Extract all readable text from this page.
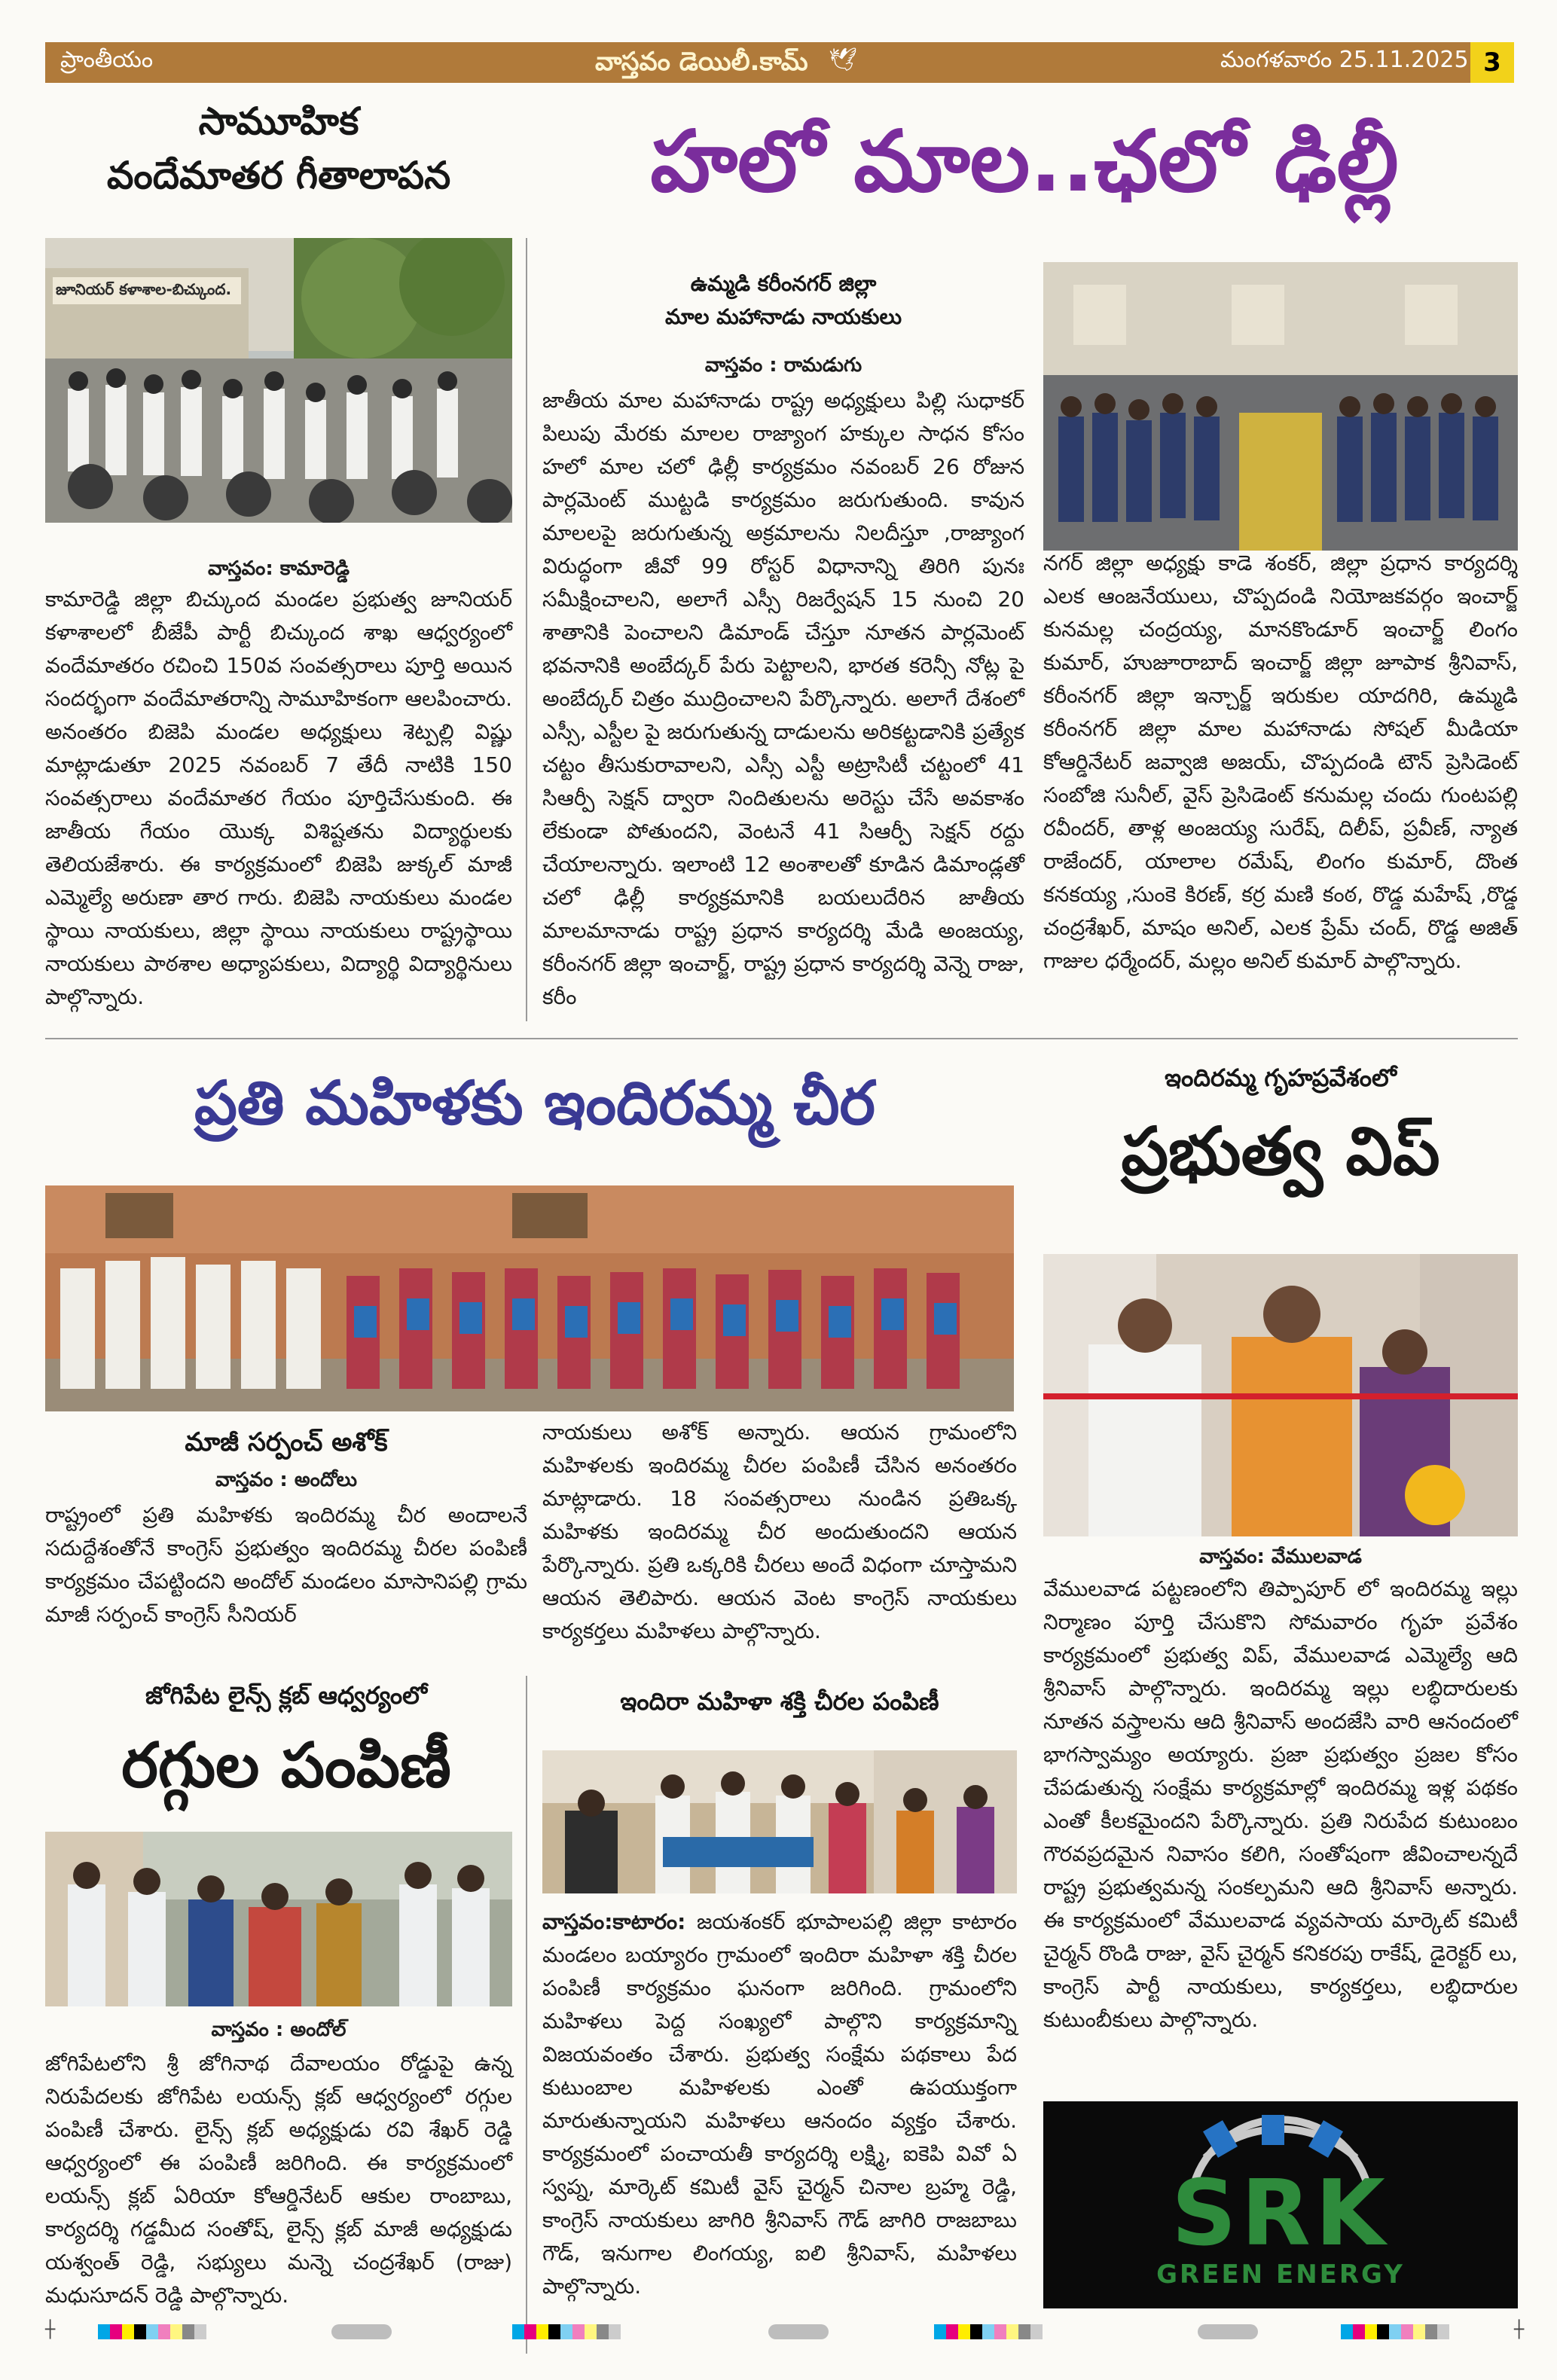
ప్రాంతీయం	వాస్తవం డెయిలీ.కామ్ 🕊	మంగళవారం 25.11.2025 3
సామూహిక
వందేమాతర గీతాలాపన
జూనియర్ కళాశాల-బిచ్కుంద.
వాస్తవం: కామారెడ్డి
కామారెడ్డి జిల్లా బిచ్కుంద మండల ప్రభుత్వ జూనియర్ కళాశాలలో బీజేపీ పార్టీ బిచ్కుంద శాఖ ఆధ్వర్యంలో వందేమాతరం రచించి 150వ సంవత్సరాలు పూర్తి అయిన సందర్భంగా వందేమాతరాన్ని సామూహికంగా ఆలపించారు. అనంతరం బిజెపి మండల అధ్యక్షులు శెట్పల్లి విష్ణు మాట్లాడుతూ 2025 నవంబర్ 7 తేదీ నాటికి 150 సంవత్సరాలు వందేమాతర గేయం పూర్తిచేసుకుంది. ఈ జాతీయ గేయం యొక్క విశిష్టతను విద్యార్థులకు తెలియజేశారు. ఈ కార్యక్రమంలో బిజెపి జుక్కల్ మాజీ ఎమ్మెల్యే అరుణా తార గారు. బిజెపి నాయకులు మండల స్థాయి నాయకులు, జిల్లా స్థాయి నాయకులు రాష్ట్రస్థాయి నాయకులు పాఠశాల అధ్యాపకులు, విద్యార్థి విద్యార్థినులు పాల్గొన్నారు.
హలో మాల..ఛలో ఢిల్లీ
ఉమ్మడి కరీంనగర్ జిల్లా
మాల మహానాడు నాయకులు
వాస్తవం : రామడుగు
జాతీయ మాల మహానాడు రాష్ట్ర అధ్యక్షులు పిల్లి సుధాకర్ పిలుపు మేరకు మాలల రాజ్యాంగ హక్కుల సాధన కోసం హలో మాల చలో ఢిల్లీ కార్యక్రమం నవంబర్ 26 రోజున పార్లమెంట్ ముట్టడి కార్యక్రమం జరుగుతుంది. కావున మాలలపై జరుగుతున్న అక్రమాలను నిలదీస్తూ ,రాజ్యాంగ విరుద్ధంగా జీవో 99 రోస్టర్ విధానాన్ని తిరిగి పునః సమీక్షించాలని, అలాగే ఎస్సీ రిజర్వేషన్ 15 నుంచి 20 శాతానికి పెంచాలని డిమాండ్ చేస్తూ నూతన పార్లమెంట్ భవనానికి అంబేద్కర్ పేరు పెట్టాలని, భారత కరెన్సీ నోట్ల పై అంబేద్కర్ చిత్రం ముద్రించాలని పేర్కొన్నారు. అలాగే దేశంలో ఎస్సీ, ఎస్టీల పై జరుగుతున్న దాడులను అరికట్టడానికి ప్రత్యేక చట్టం తీసుకురావాలని, ఎస్సీ ఎస్టీ అట్రాసిటీ చట్టంలో 41 సిఆర్పీ సెక్షన్ ద్వారా నిందితులను అరెస్టు చేసే అవకాశం లేకుండా పోతుందని, వెంటనే 41 సిఆర్పీ సెక్షన్ రద్దు చేయాలన్నారు. ఇలాంటి 12 అంశాలతో కూడిన డిమాండ్లతో చలో ఢిల్లీ కార్యక్రమానికి బయలుదేరిన జాతీయ మాలమానాడు రాష్ట్ర ప్రధాన కార్యదర్శి మేడి అంజయ్య, కరీంనగర్ జిల్లా ఇంచార్జ్, రాష్ట్ర ప్రధాన కార్యదర్శి వెన్నె రాజు, కరీం
నగర్ జిల్లా అధ్యక్షు కాడె శంకర్, జిల్లా ప్రధాన కార్యదర్శి ఎలక ఆంజనేయులు, చొప్పదండి నియోజకవర్గం ఇంచార్జ్ కునమల్ల చంద్రయ్య, మానకొండూర్ ఇంచార్జ్ లింగం కుమార్, హుజూరాబాద్ ఇంచార్జ్ జిల్లా జూపాక శ్రీనివాస్, కరీంనగర్ జిల్లా ఇన్చార్జ్ ఇరుకుల యాదగిరి, ఉమ్మడి కరీంనగర్ జిల్లా మాల మహానాడు సోషల్ మీడియా కోఆర్డినేటర్ జవ్వాజి అజయ్, చొప్పదండి టౌన్ ప్రెసిడెంట్ సంబోజి సునీల్, వైస్ ప్రెసిడెంట్ కనుమల్ల చందు గుంటపల్లి రవీందర్, తాళ్ల అంజయ్య సురేష్, దిలీప్, ప్రవీణ్, న్యాత రాజేందర్, యాలాల రమేష్, లింగం కుమార్, దొంత కనకయ్య ,సుంకె కిరణ్, కర్ర మణి కంఠ, రొడ్డ మహేష్ ,రొడ్డ చంద్రశేఖర్, మాషం అనిల్, ఎలక ప్రేమ్ చంద్, రొడ్డ అజిత్ గాజుల ధర్మేందర్, మల్లం అనిల్ కుమార్ పాల్గొన్నారు.
ప్రతి మహిళకు ఇందిరమ్మ చీర
మాజీ సర్పంచ్ అశోక్
వాస్తవం : అందోలు
రాష్ట్రంలో ప్రతి మహిళకు ఇందిరమ్మ చీర అందాలనే సదుద్దేశంతోనే కాంగ్రెస్ ప్రభుత్వం ఇందిరమ్మ చీరల పంపిణీ కార్యక్రమం చేపట్టిందని అందోల్ మండలం మాసానిపల్లి గ్రామ మాజీ సర్పంచ్ కాంగ్రెస్ సీనియర్
నాయకులు అశోక్ అన్నారు. ఆయన గ్రామంలోని మహిళలకు ఇందిరమ్మ చీరల పంపిణీ చేసిన అనంతరం మాట్లాడారు. 18 సంవత్సరాలు నుండిన ప్రతిఒక్క మహిళకు ఇందిరమ్మ చీర అందుతుందని ఆయన పేర్కొన్నారు. ప్రతి ఒక్కరికి చీరలు అందే విధంగా చూస్తామని ఆయన తెలిపారు. ఆయన వెంట కాంగ్రెస్ నాయకులు కార్యకర్తలు మహిళలు పాల్గొన్నారు.
ఇందిరమ్మ గృహప్రవేశంలో
ప్రభుత్వ విప్
వాస్తవం: వేములవాడ
వేములవాడ పట్టణంలోని తిప్పాపూర్ లో ఇందిరమ్మ ఇల్లు నిర్మాణం పూర్తి చేసుకొని సోమవారం గృహ ప్రవేశం కార్యక్రమంలో ప్రభుత్వ విప్, వేములవాడ ఎమ్మెల్యే ఆది శ్రీనివాస్ పాల్గొన్నారు. ఇందిరమ్మ ఇల్లు లబ్ధిదారులకు నూతన వస్త్రాలను ఆది శ్రీనివాస్ అందజేసి వారి ఆనందంలో భాగస్వామ్యం అయ్యారు. ప్రజా ప్రభుత్వం ప్రజల కోసం చేపడుతున్న సంక్షేమ కార్యక్రమాల్లో ఇందిరమ్మ ఇళ్ల పథకం ఎంతో కీలకమైందని పేర్కొన్నారు. ప్రతి నిరుపేద కుటుంబం గౌరవప్రదమైన నివాసం కలిగి, సంతోషంగా జీవించాలన్నదే రాష్ట్ర ప్రభుత్వమన్న సంకల్పమని ఆది శ్రీనివాస్ అన్నారు. ఈ కార్యక్రమంలో వేములవాడ వ్యవసాయ మార్కెట్ కమిటీ చైర్మన్ రొండి రాజు, వైస్ చైర్మన్ కనికరపు రాకేష్, డైరెక్టర్ లు, కాంగ్రెస్ పార్టీ నాయకులు, కార్యకర్తలు, లబ్ధిదారుల కుటుంబీకులు పాల్గొన్నారు.
జోగిపేట లైన్స్ క్లబ్ ఆధ్వర్యంలో
రగ్గుల పంపిణీ
వాస్తవం : అందోల్
జోగిపేటలోని శ్రీ జోగినాథ దేవాలయం రోడ్డుపై ఉన్న నిరుపేదలకు జోగిపేట లయన్స్ క్లబ్ ఆధ్వర్యంలో రగ్గుల పంపిణీ చేశారు. లైన్స్ క్లబ్ అధ్యక్షుడు రవి శేఖర్ రెడ్డి ఆధ్వర్యంలో ఈ పంపిణీ జరిగింది. ఈ కార్యక్రమంలో లయన్స్ క్లబ్ ఏరియా కోఆర్డినేటర్ ఆకుల రాంబాబు, కార్యదర్శి గడ్డమీద సంతోష్, లైన్స్ క్లబ్ మాజీ అధ్యక్షుడు యశ్వంత్ రెడ్డి, సభ్యులు మన్నె చంద్రశేఖర్ (రాజు) మధుసూదన్ రెడ్డి పాల్గొన్నారు.
ఇందిరా మహిళా శక్తి చీరల పంపిణీ
వాస్తవం:కాటారం: జయశంకర్ భూపాలపల్లి జిల్లా కాటారం మండలం బయ్యారం గ్రామంలో ఇందిరా మహిళా శక్తి చీరల పంపిణీ కార్యక్రమం ఘనంగా జరిగింది. గ్రామంలోని మహిళలు పెద్ద సంఖ్యలో పాల్గొని కార్యక్రమాన్ని విజయవంతం చేశారు. ప్రభుత్వ సంక్షేమ పథకాలు పేద కుటుంబాల మహిళలకు ఎంతో ఉపయుక్తంగా మారుతున్నాయని మహిళలు ఆనందం వ్యక్తం చేశారు. కార్యక్రమంలో పంచాయతీ కార్యదర్శి లక్ష్మి, ఐకెపి వివో ఏ స్వప్న, మార్కెట్ కమిటీ వైస్ చైర్మన్ చినాల బ్రహ్మ రెడ్డి, కాంగ్రెస్ నాయకులు జాగిరి శ్రీనివాస్ గౌడ్ జాగిరి రాజబాబు గౌడ్, ఇనుగాల లింగయ్య, ఐలి శ్రీనివాస్, మహిళలు పాల్గొన్నారు.
SRK
GREEN ENERGY
┼	┼
